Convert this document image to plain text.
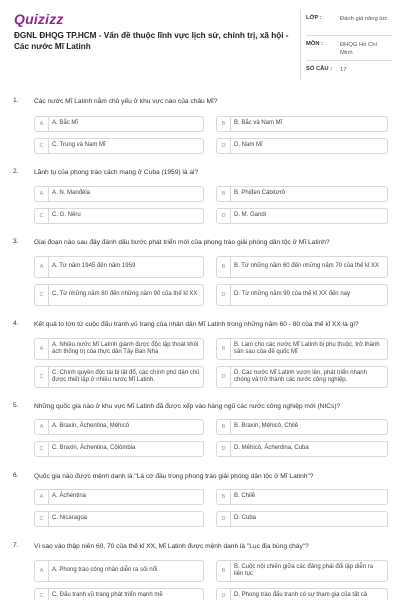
Quizizz
ĐGNL ĐHQG TP.HCM - Vấn đề thuộc lĩnh vực lịch sử, chính trị, xã hội - Các nước Mĩ Latinh
LỚP :	Đánh giá năng lực
MÔN :	ĐHQG Hồ Chí Minh
SỐ CÂU : 17
1. Các nước Mĩ Latinh nằm chủ yếu ở khu vực nào của châu Mĩ?
A	A. Bắc Mĩ	B	B. Bắc và Nam Mĩ
C	C. Trung và Nam Mĩ	D	D. Nam Mĩ
2. Lãnh tụ của phong trào cách mạng ở Cuba (1959) là ai?
A	A. N. Manđêla	B	B. Phiđen Cátxtơrô
C	C. G. Nêru	D	D. M. Gandi
3. Giai đoạn nào sau đây đánh dấu bước phát triển mới của phong trào giải phóng dân tộc ở Mĩ Latinh?
A	A. Từ năm 1945 đến năm 1959	B	B. Từ những năm 60 đến những năm 70 của thế kỉ XX
C	C. Từ những năm 80 đến những năm 90 của thế kỉ XX	D	D. Từ những năm 90 của thế kỉ XX đến nay
4. Kết quả to lớn từ cuộc đấu tranh vũ trang của nhân dân Mĩ Latinh trong những năm 60 - 80 của thế kỉ XX là gì?
A
A. Nhiều nước Mĩ Latinh giành được độc lập thoát khỏi ách thống trị của thực dân Tây Ban Nha	B
B. Làm cho các nước Mĩ Latinh bị phụ thuộc, trở thành sân sau của đế quốc Mĩ
C
C. Chính quyền độc tài bị lật đổ, các chính phủ dân chủ được thiết lập ở nhiều nước Mĩ Latinh.	D
D. Các nước Mĩ Latinh vươn lên, phát triển nhanh chóng và trở thành các nước công nghiệp.
5. Những quốc gia nào ở khu vực Mĩ Latinh đã được xếp vào hàng ngũ các nước công nghiệp mới (NICs)?
A	A. Braxin, Áchentina, Mêhicô	B	B. Braxin, Mêhicô, Chilê
C	C. Braxin, Áchentina, Côlômbia	D	D. Mêhicô, Áchentina, Cuba
6. Quốc gia nào được mệnh danh là "Lá cờ đầu trong phong trào giải phóng dân tộc ở Mĩ Latinh"?
A	A. Áchentina	B	B. Chilê
C	C. Nicaragoa	D	D. Cuba
7. Vì sao vào thập niên 60, 70 của thế kỉ XX, Mĩ Latinh được mệnh danh là "Lục địa bùng cháy"?
A	A. Phong trào công nhân diễn ra sôi nổi	B
B. Cuộc nội chiến giữa các đảng phái đối lập diễn ra liên tục
C	C. Đấu tranh vũ trang phát triển mạnh mẽ	D	D. Phong trào đấu tranh có sự tham gia của tất cả
